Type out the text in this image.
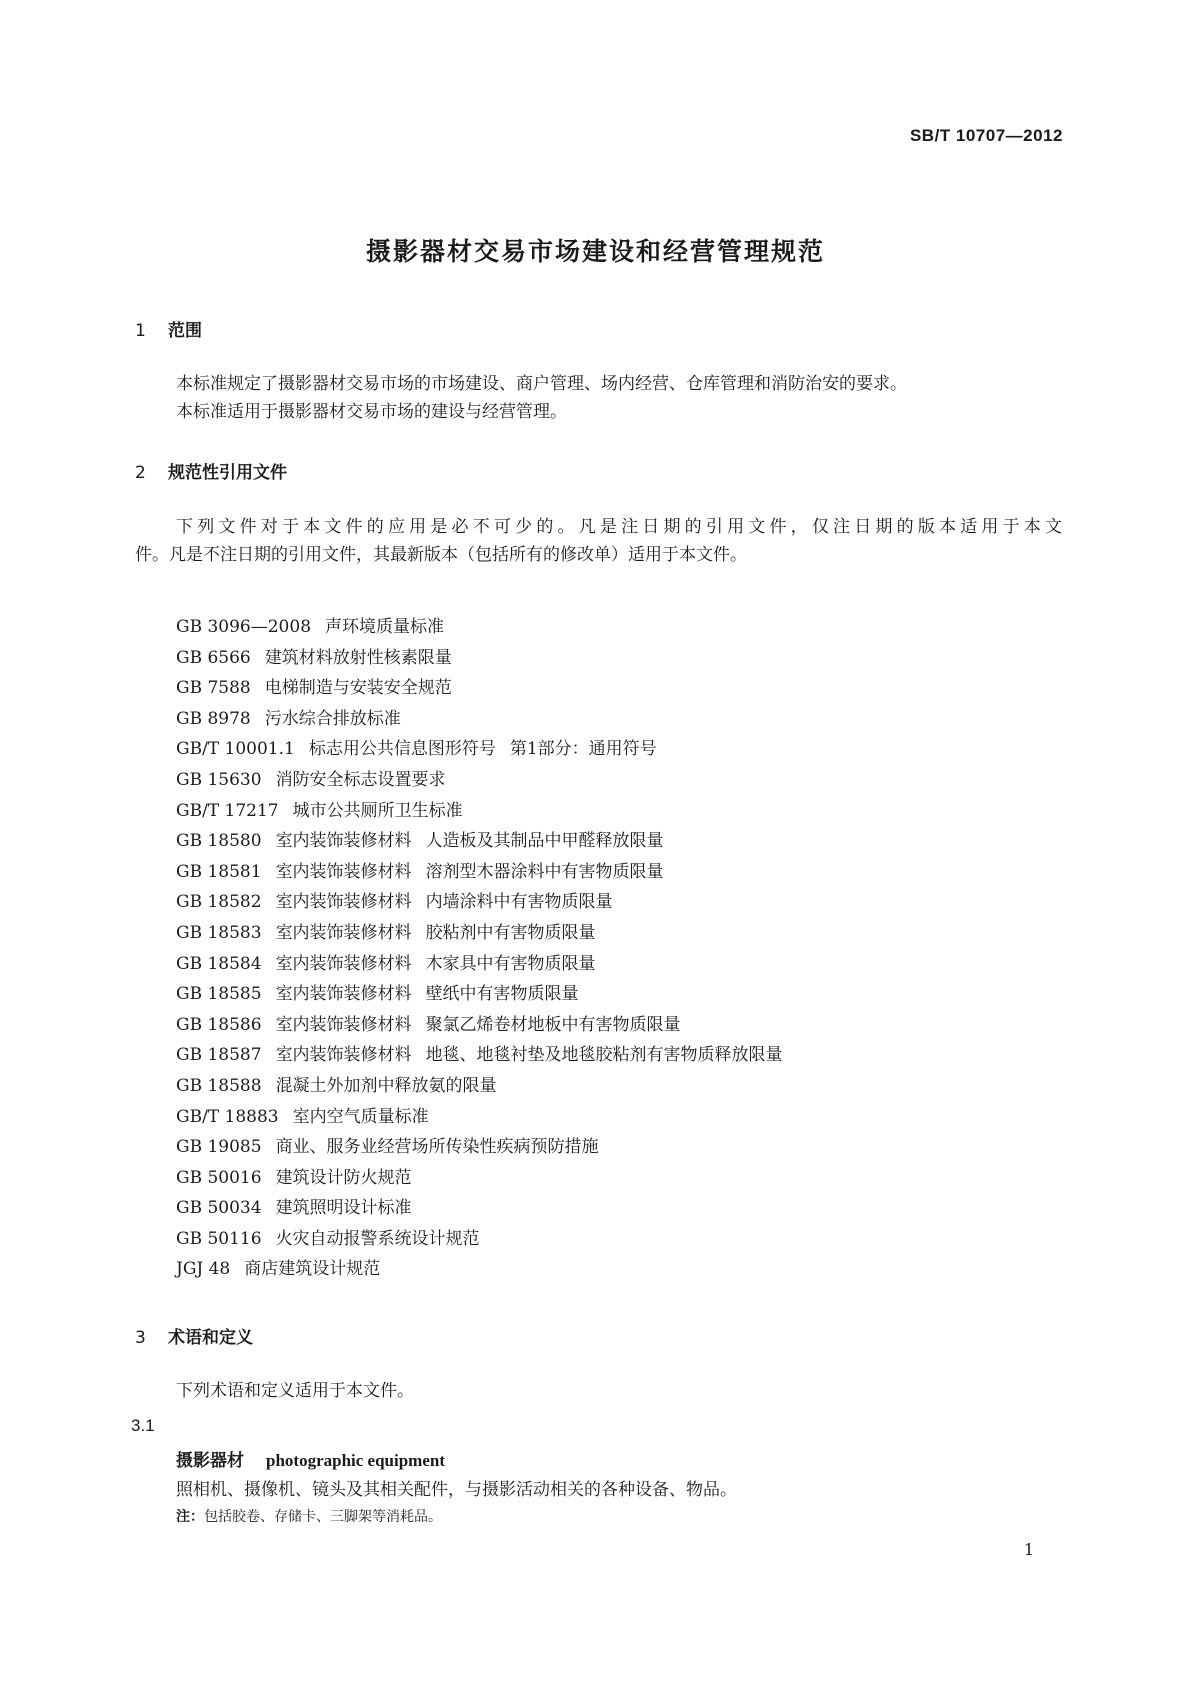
SB/T 10707—2012
摄影器材交易市场建设和经营管理规范
1 范围
本标准规定了摄影器材交易市场的市场建设、商户管理、场内经营、仓库管理和消防治安的要求。
本标准适用于摄影器材交易市场的建设与经营管理。
2 规范性引用文件
下列文件对于本文件的应用是必不可少的。凡是注日期的引用文件，仅注日期的版本适用于本文
件。凡是不注日期的引用文件，其最新版本（包括所有的修改单）适用于本文件。
GB 3096—2008 声环境质量标准
GB 6566 建筑材料放射性核素限量
GB 7588 电梯制造与安装安全规范
GB 8978 污水综合排放标准
GB/T 10001.1 标志用公共信息图形符号 第1部分：通用符号
GB 15630 消防安全标志设置要求
GB/T 17217 城市公共厕所卫生标准
GB 18580 室内装饰装修材料 人造板及其制品中甲醛释放限量
GB 18581 室内装饰装修材料 溶剂型木器涂料中有害物质限量
GB 18582 室内装饰装修材料 内墙涂料中有害物质限量
GB 18583 室内装饰装修材料 胶粘剂中有害物质限量
GB 18584 室内装饰装修材料 木家具中有害物质限量
GB 18585 室内装饰装修材料 壁纸中有害物质限量
GB 18586 室内装饰装修材料 聚氯乙烯卷材地板中有害物质限量
GB 18587 室内装饰装修材料 地毯、地毯衬垫及地毯胶粘剂有害物质释放限量
GB 18588 混凝土外加剂中释放氨的限量
GB/T 18883 室内空气质量标准
GB 19085 商业、服务业经营场所传染性疾病预防措施
GB 50016 建筑设计防火规范
GB 50034 建筑照明设计标准
GB 50116 火灾自动报警系统设计规范
JGJ 48 商店建筑设计规范
3 术语和定义
下列术语和定义适用于本文件。
3.1
摄影器材 photographic equipment
照相机、摄像机、镜头及其相关配件，与摄影活动相关的各种设备、物品。
注：包括胶卷、存储卡、三脚架等消耗品。
1
